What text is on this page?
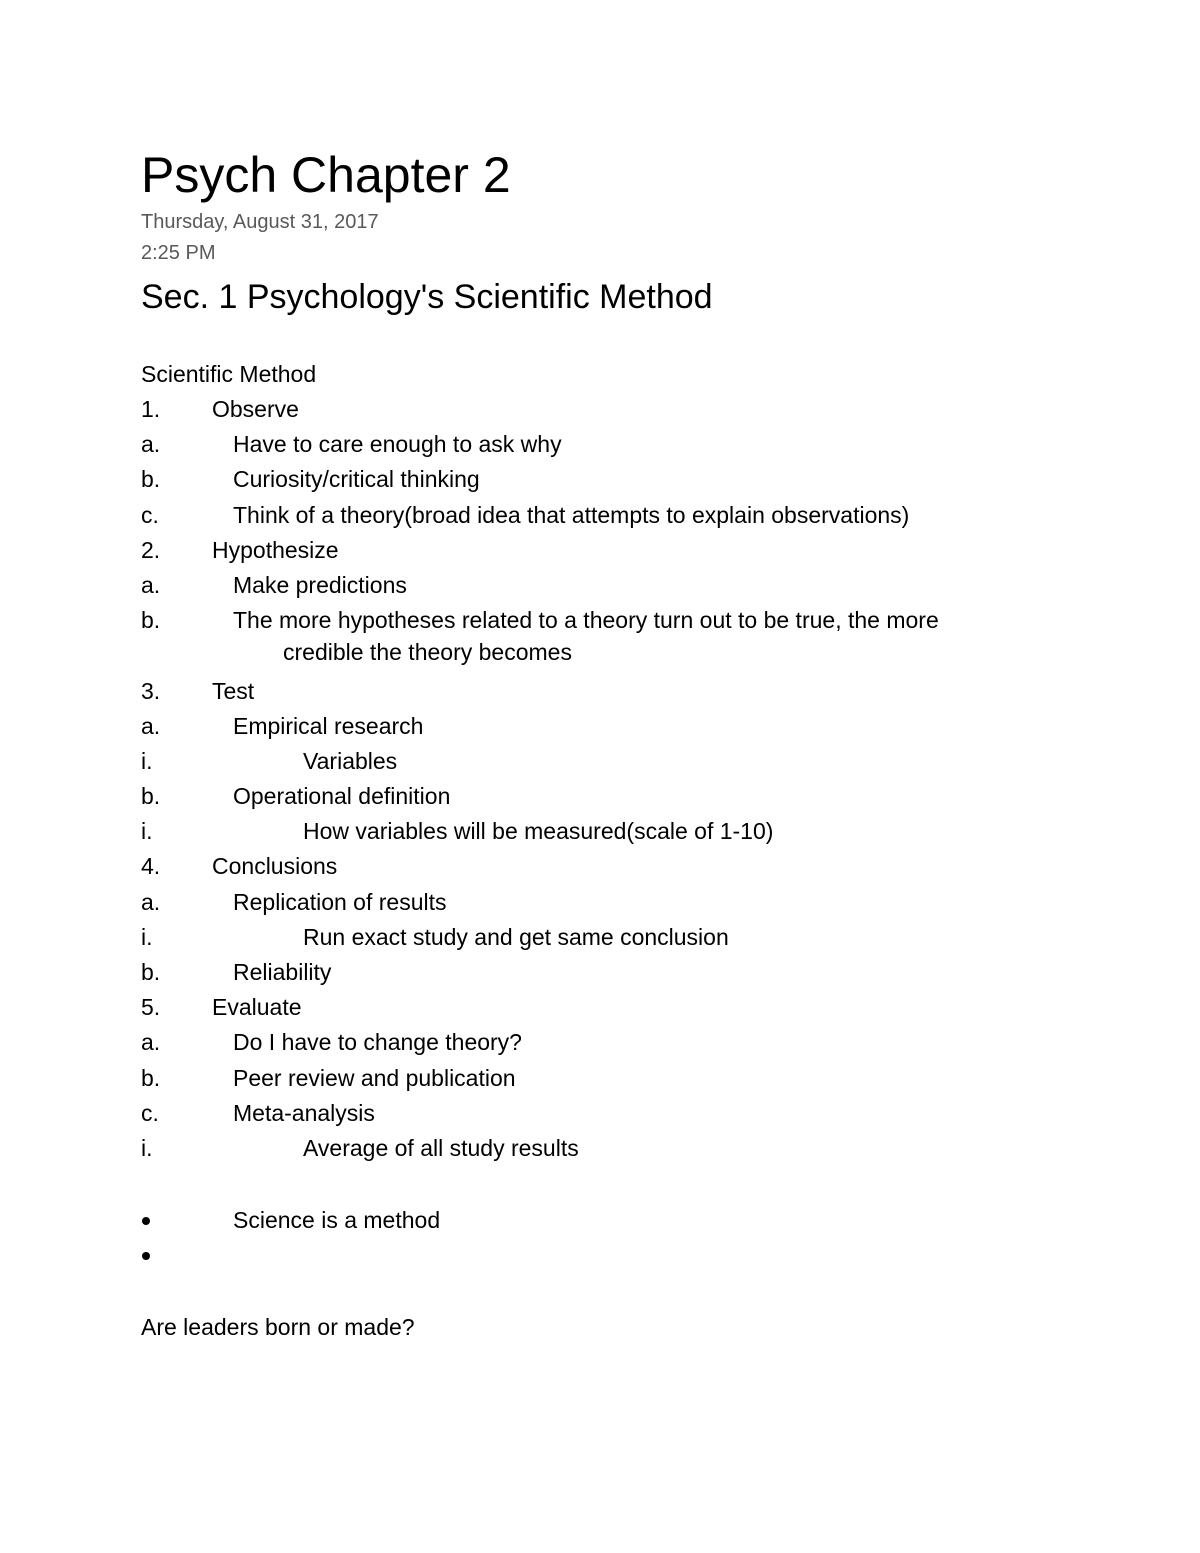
Psych Chapter 2
Thursday, August 31, 2017
2:25 PM
Sec. 1 Psychology's Scientific Method
Scientific Method
1. Observe
a.	Have to care enough to ask why
b.	Curiosity/critical thinking
c.	Think of a theory(broad idea that attempts to explain observations)
2. Hypothesize
a.	Make predictions
b.	The more hypotheses related to a theory turn out to be true, the more
credible the theory becomes
3. Test
a.	Empirical research
i.	Variables
b.	Operational definition
i.	How variables will be measured(scale of 1-10)
4. Conclusions
a.	Replication of results
i.	Run exact study and get same conclusion
b.	Reliability
5. Evaluate
a.	Do I have to change theory?
b.	Peer review and publication
c.	Meta-analysis
i.	Average of all study results
Science is a method
Are leaders born or made?
